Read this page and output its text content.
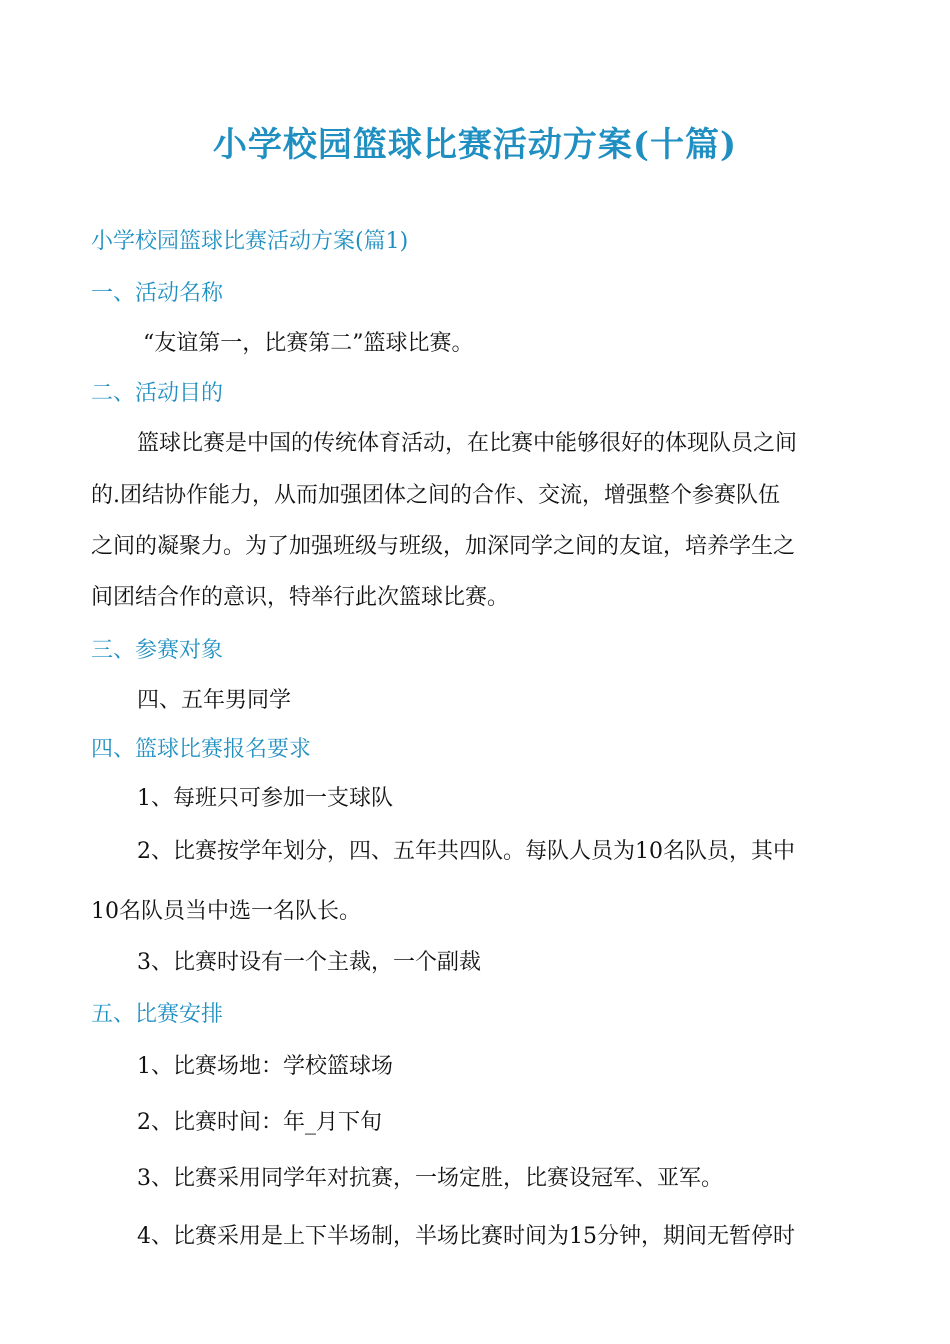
小学校园篮球比赛活动方案(十篇)

小学校园篮球比赛活动方案(篇1)

一、活动名称

“友谊第一，比赛第二”篮球比赛。

二、活动目的

篮球比赛是中国的传统体育活动，在比赛中能够很好的体现队员之间

的.团结协作能力，从而加强团体之间的合作、交流，增强整个参赛队伍

之间的凝聚力。为了加强班级与班级，加深同学之间的友谊，培养学生之

间团结合作的意识，特举行此次篮球比赛。

三、参赛对象

四、五年男同学

四、篮球比赛报名要求

1、每班只可参加一支球队

2、比赛按学年划分，四、五年共四队。每队人员为10名队员，其中

10名队员当中选一名队长。

3、比赛时设有一个主裁，一个副裁

五、比赛安排

1、比赛场地：学校篮球场

2、比赛时间：年_月下旬

3、比赛采用同学年对抗赛，一场定胜，比赛设冠军、亚军。

4、比赛采用是上下半场制，半场比赛时间为15分钟，期间无暂停时
